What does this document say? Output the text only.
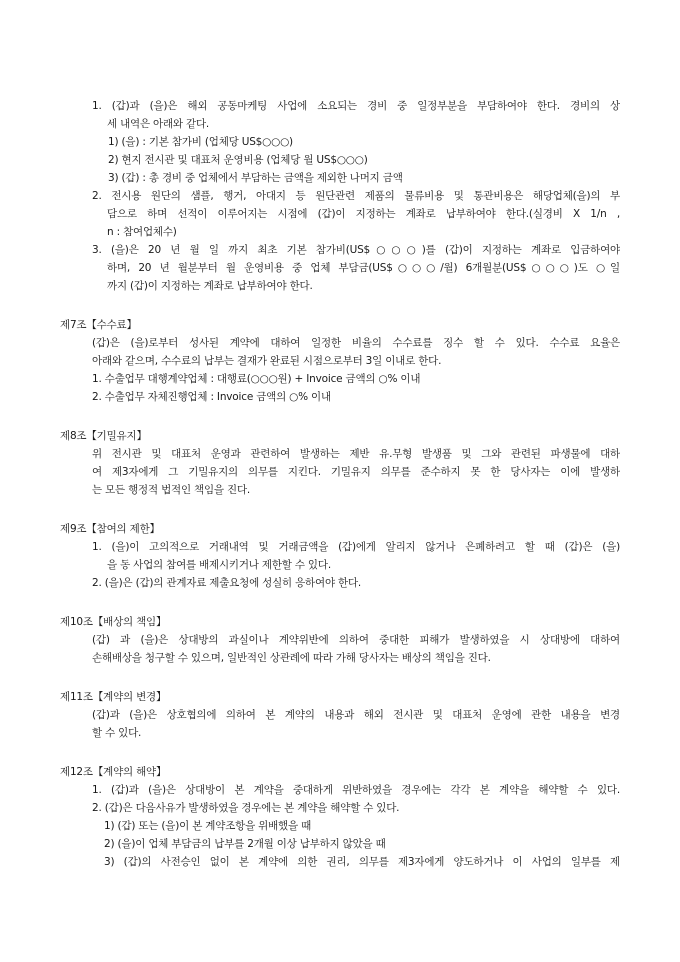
1. (갑)과 (을)은 해외 공동마케팅 사업에 소요되는 경비 중 일정부분을 부담하여야 한다. 경비의 상
세 내역은 아래와 같다.
1) (을) : 기본 참가비 (업체당 US$○○○)
2) 현지 전시관 및 대표처 운영비용 (업체당 월 US$○○○)
3) (갑) : 총 경비 중 업체에서 부담하는 금액을 제외한 나머지 금액
2. 전시용 원단의 샘플, 행거, 아대지 등 원단관련 제품의 물류비용 및 통관비용은 해당업체(을)의 부
담으로 하며 선적이 이루어지는 시점에 (갑)이 지정하는 계좌로 납부하여야 한다.(실경비 X 1/n ,
n : 참여업체수)
3. (을)은 20 년 월 일 까지 최초 기본 참가비(US$○○○)를 (갑)이 지정하는 계좌로 입금하여야
하며, 20 년 월분부터 월 운영비용 중 업체 부담금(US$○○○/월) 6개월분(US$○○○)도 ○일
까지 (갑)이 지정하는 계좌로 납부하여야 한다.
제7조【수수료】
(갑)은 (을)로부터 성사된 계약에 대하여 일정한 비율의 수수료를 징수 할 수 있다. 수수료 요율은
아래와 같으며, 수수료의 납부는 결재가 완료된 시점으로부터 3일 이내로 한다.
1. 수출업무 대행계약업체 : 대행료(○○○원) + Invoice 금액의 ○% 이내
2. 수출업무 자체진행업체 : Invoice 금액의 ○% 이내
제8조【기밀유지】
위 전시관 및 대표처 운영과 관련하여 발생하는 제반 유.무형 발생품 및 그와 관련된 파생물에 대하
여 제3자에게 그 기밀유지의 의무를 지킨다. 기밀유지 의무를 준수하지 못 한 당사자는 이에 발생하
는 모든 행정적 법적인 책임을 진다.
제9조【참여의 제한】
1. (을)이 고의적으로 거래내역 및 거래금액을 (갑)에게 알리지 않거나 은폐하려고 할 때 (갑)은 (을)
을 동 사업의 참여를 배제시키거나 제한할 수 있다.
2. (을)은 (갑)의 관계자료 제출요청에 성실히 응하여야 한다.
제10조【배상의 책임】
(갑) 과 (을)은 상대방의 과실이나 계약위반에 의하여 중대한 피해가 발생하였을 시 상대방에 대하여
손해배상을 청구할 수 있으며, 일반적인 상관례에 따라 가해 당사자는 배상의 책임을 진다.
제11조【계약의 변경】
(갑)과 (을)은 상호협의에 의하여 본 계약의 내용과 해외 전시관 및 대표처 운영에 관한 내용을 변경
할 수 있다.
제12조【계약의 해약】
1. (갑)과 (을)은 상대방이 본 계약을 중대하게 위반하였을 경우에는 각각 본 계약을 해약할 수 있다.
2. (갑)은 다음사유가 발생하였을 경우에는 본 계약을 해약할 수 있다.
1) (갑) 또는 (을)이 본 계약조항을 위배했을 때
2) (을)이 업체 부담금의 납부를 2개월 이상 납부하지 않았을 때
3) (갑)의 사전승인 없이 본 계약에 의한 권리, 의무를 제3자에게 양도하거나 이 사업의 일부를 제
